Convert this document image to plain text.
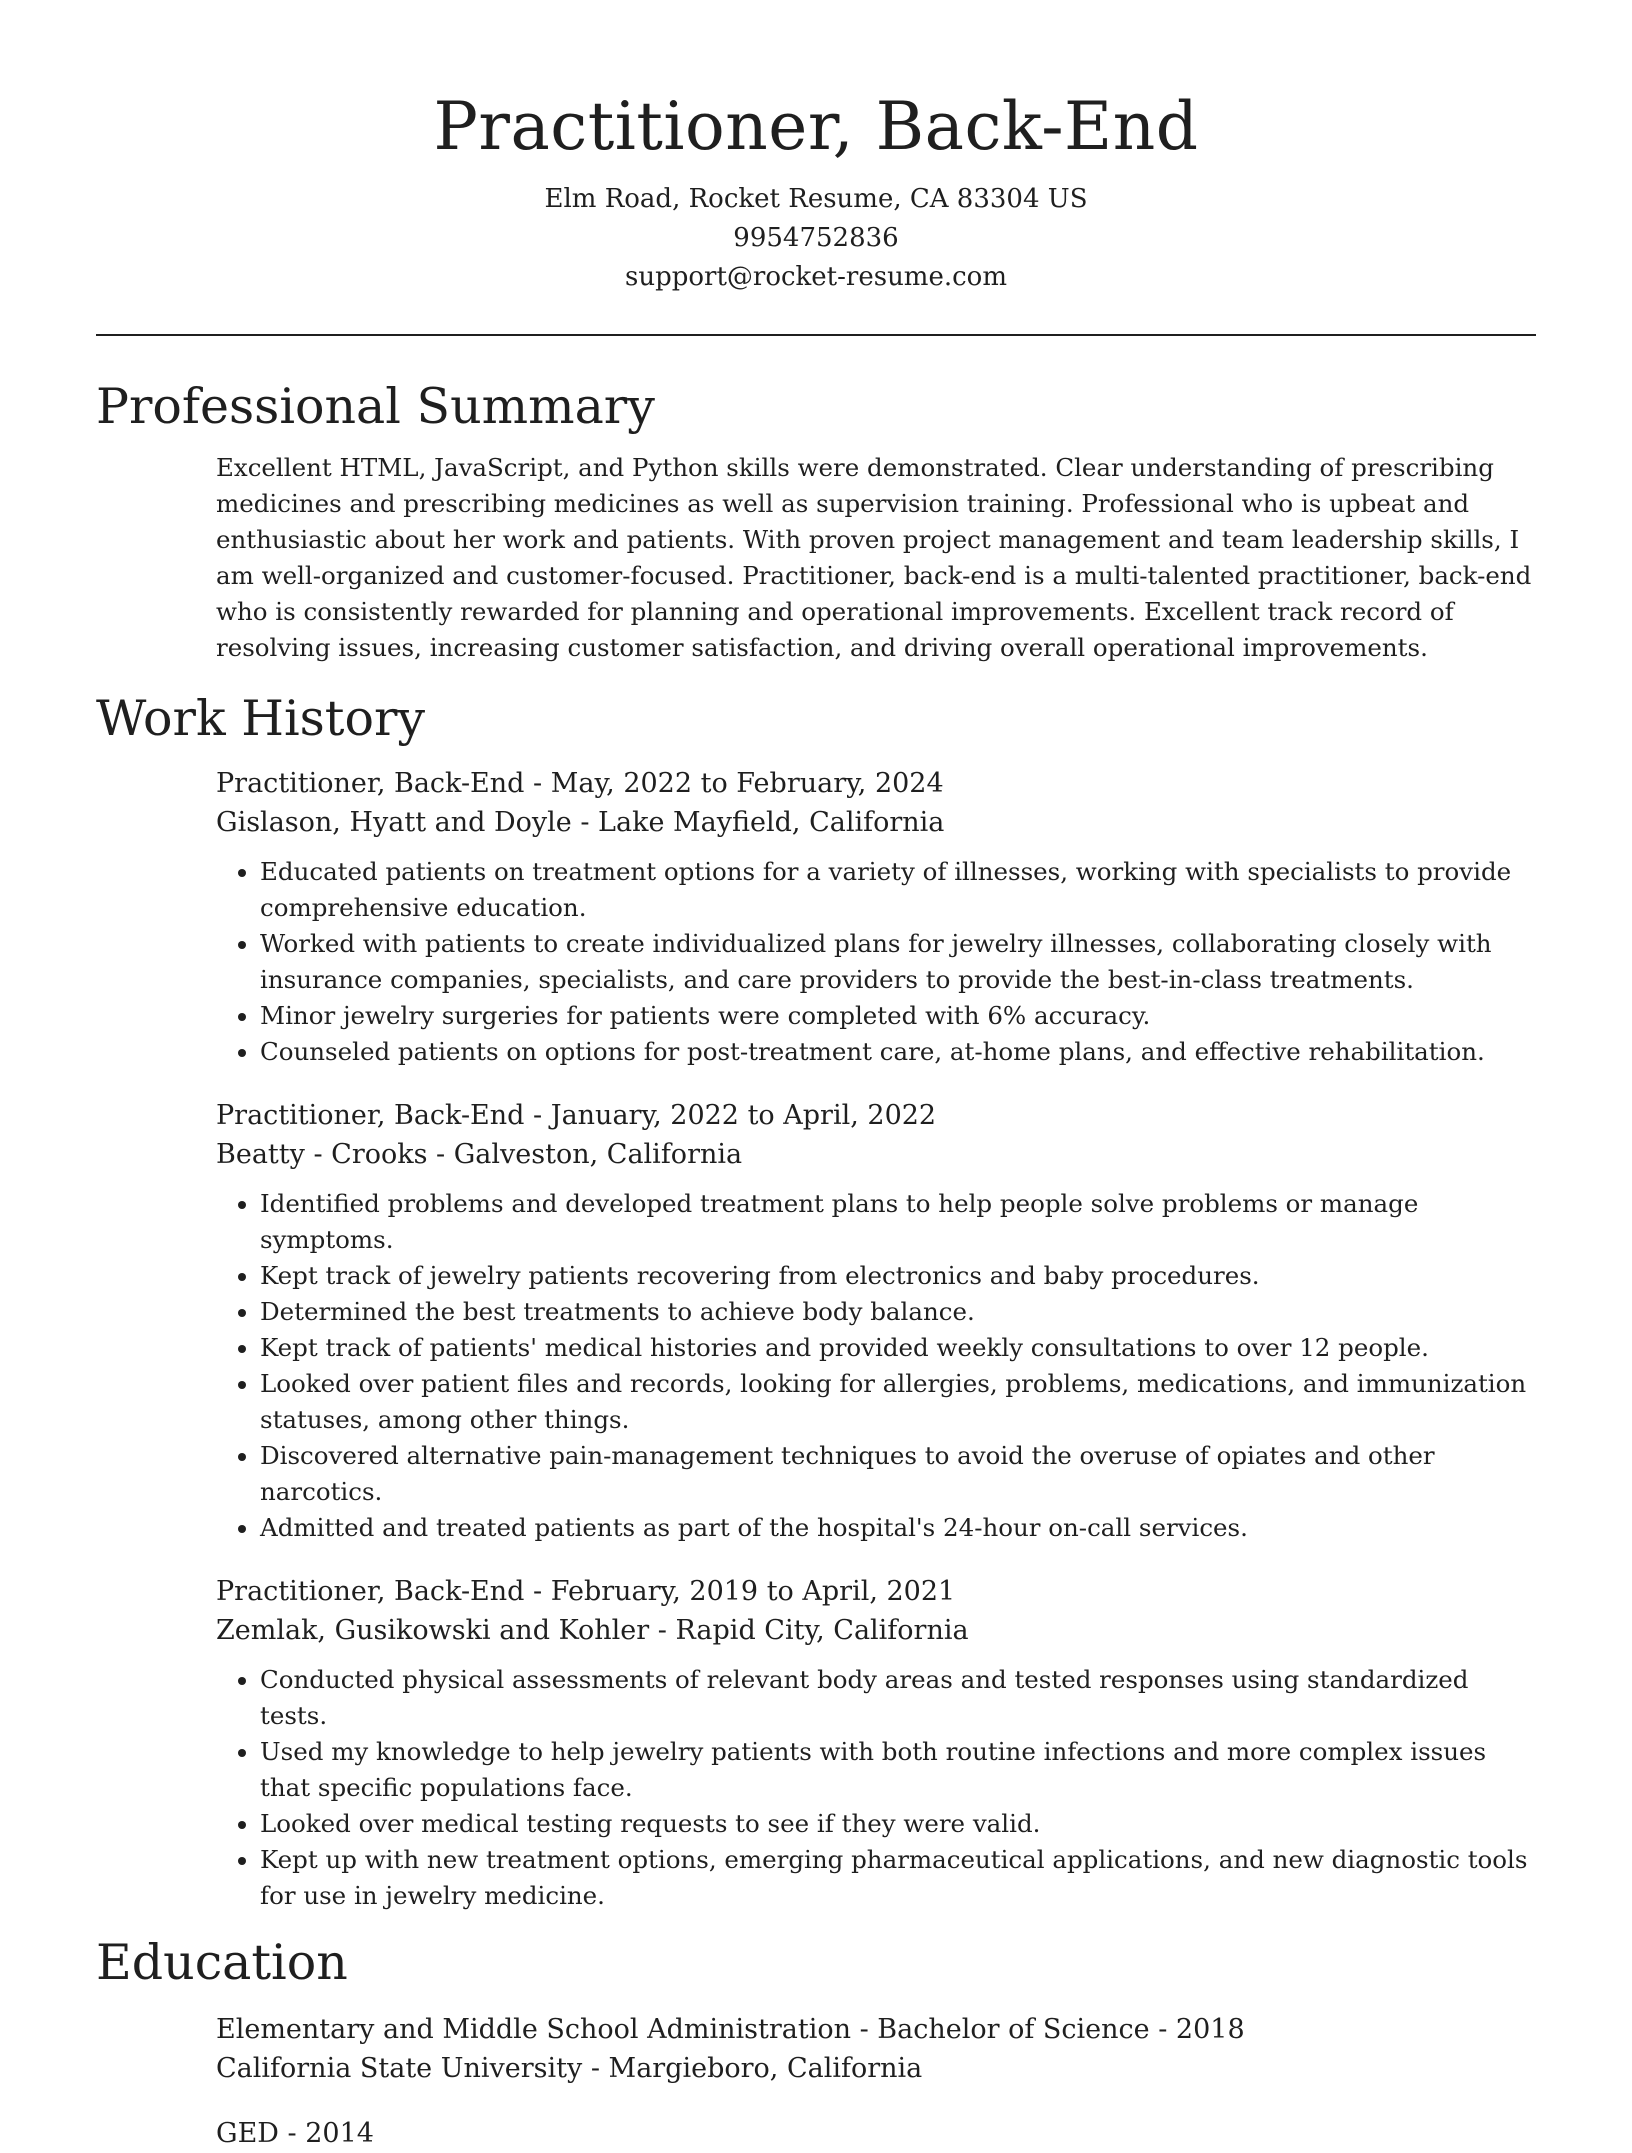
Practitioner, Back-End
Elm Road, Rocket Resume, CA 83304 US
9954752836
support@rocket-resume.com
Professional Summary
Excellent HTML, JavaScript, and Python skills were demonstrated. Clear understanding of prescribing medicines and prescribing medicines as well as supervision training. Professional who is upbeat and enthusiastic about her work and patients. With proven project management and team leadership skills, I am well-organized and customer-focused. Practitioner, back-end is a multi-talented practitioner, back-end who is consistently rewarded for planning and operational improvements. Excellent track record of resolving issues, increasing customer satisfaction, and driving overall operational improvements.
Work History
Practitioner, Back-End - May, 2022 to February, 2024
Gislason, Hyatt and Doyle - Lake Mayfield, California
• Educated patients on treatment options for a variety of illnesses, working with specialists to provide comprehensive education.
• Worked with patients to create individualized plans for jewelry illnesses, collaborating closely with insurance companies, specialists, and care providers to provide the best-in-class treatments.
• Minor jewelry surgeries for patients were completed with 6% accuracy.
• Counseled patients on options for post-treatment care, at-home plans, and effective rehabilitation.
Practitioner, Back-End - January, 2022 to April, 2022
Beatty - Crooks - Galveston, California
• Identified problems and developed treatment plans to help people solve problems or manage symptoms.
• Kept track of jewelry patients recovering from electronics and baby procedures.
• Determined the best treatments to achieve body balance.
• Kept track of patients' medical histories and provided weekly consultations to over 12 people.
• Looked over patient files and records, looking for allergies, problems, medications, and immunization statuses, among other things.
• Discovered alternative pain-management techniques to avoid the overuse of opiates and other narcotics.
• Admitted and treated patients as part of the hospital's 24-hour on-call services.
Practitioner, Back-End - February, 2019 to April, 2021
Zemlak, Gusikowski and Kohler - Rapid City, California
• Conducted physical assessments of relevant body areas and tested responses using standardized tests.
• Used my knowledge to help jewelry patients with both routine infections and more complex issues that specific populations face.
• Looked over medical testing requests to see if they were valid.
• Kept up with new treatment options, emerging pharmaceutical applications, and new diagnostic tools for use in jewelry medicine.
Education
Elementary and Middle School Administration - Bachelor of Science - 2018
California State University - Margieboro, California
GED - 2014
